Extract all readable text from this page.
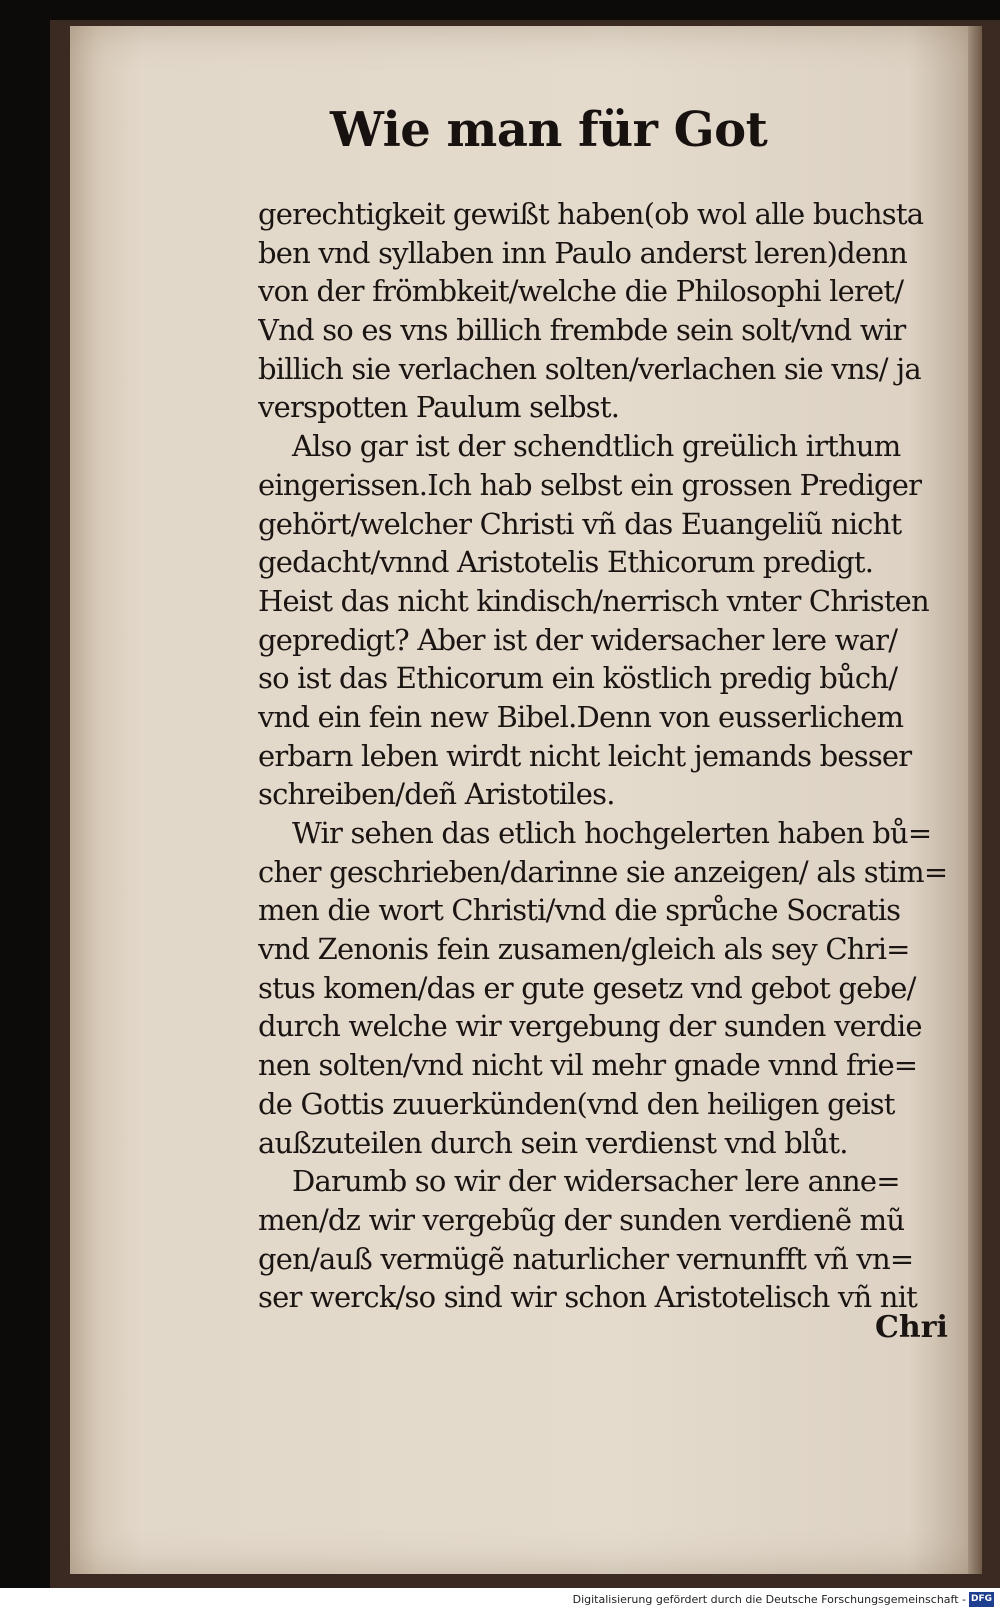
Wie man für Got
gerechtigkeit gewißt haben(ob wol alle buchsta
ben vnd syllaben inn Paulo anderst leren)denn
von der frömbkeit/welche die Philosophi leret/
Vnd so es vns billich frembde sein solt/vnd wir
billich sie verlachen solten/verlachen sie vns/ ja
verspotten Paulum selbst.
Also gar ist der schendtlich greülich irthum
eingerissen.Ich hab selbst ein grossen Prediger
gehört/welcher Christi vñ das Euangeliũ nicht
gedacht/vnnd Aristotelis Ethicorum predigt.
Heist das nicht kindisch/nerrisch vnter Christen
gepredigt? Aber ist der widersacher lere war/
so ist das Ethicorum ein köstlich predig bůch/
vnd ein fein new Bibel.Denn von eusserlichem
erbarn leben wirdt nicht leicht jemands besser
schreiben/deñ Aristotiles.
Wir sehen das etlich hochgelerten haben bů=
cher geschrieben/darinne sie anzeigen/ als stim=
men die wort Christi/vnd die sprůche Socratis
vnd Zenonis fein zusamen/gleich als sey Chri=
stus komen/das er gute gesetz vnd gebot gebe/
durch welche wir vergebung der sunden verdie
nen solten/vnd nicht vil mehr gnade vnnd frie=
de Gottis zuuerkünden(vnd den heiligen geist
außzuteilen durch sein verdienst vnd blůt.
Darumb so wir der widersacher lere anne=
men/dz wir vergebũg der sunden verdienẽ mũ
gen/auß vermügẽ naturlicher vernunfft vñ vn=
ser werck/so sind wir schon Aristotelisch vñ nit
Chri
Digitalisierung gefördert durch die Deutsche Forschungsgemeinschaft - DFG
